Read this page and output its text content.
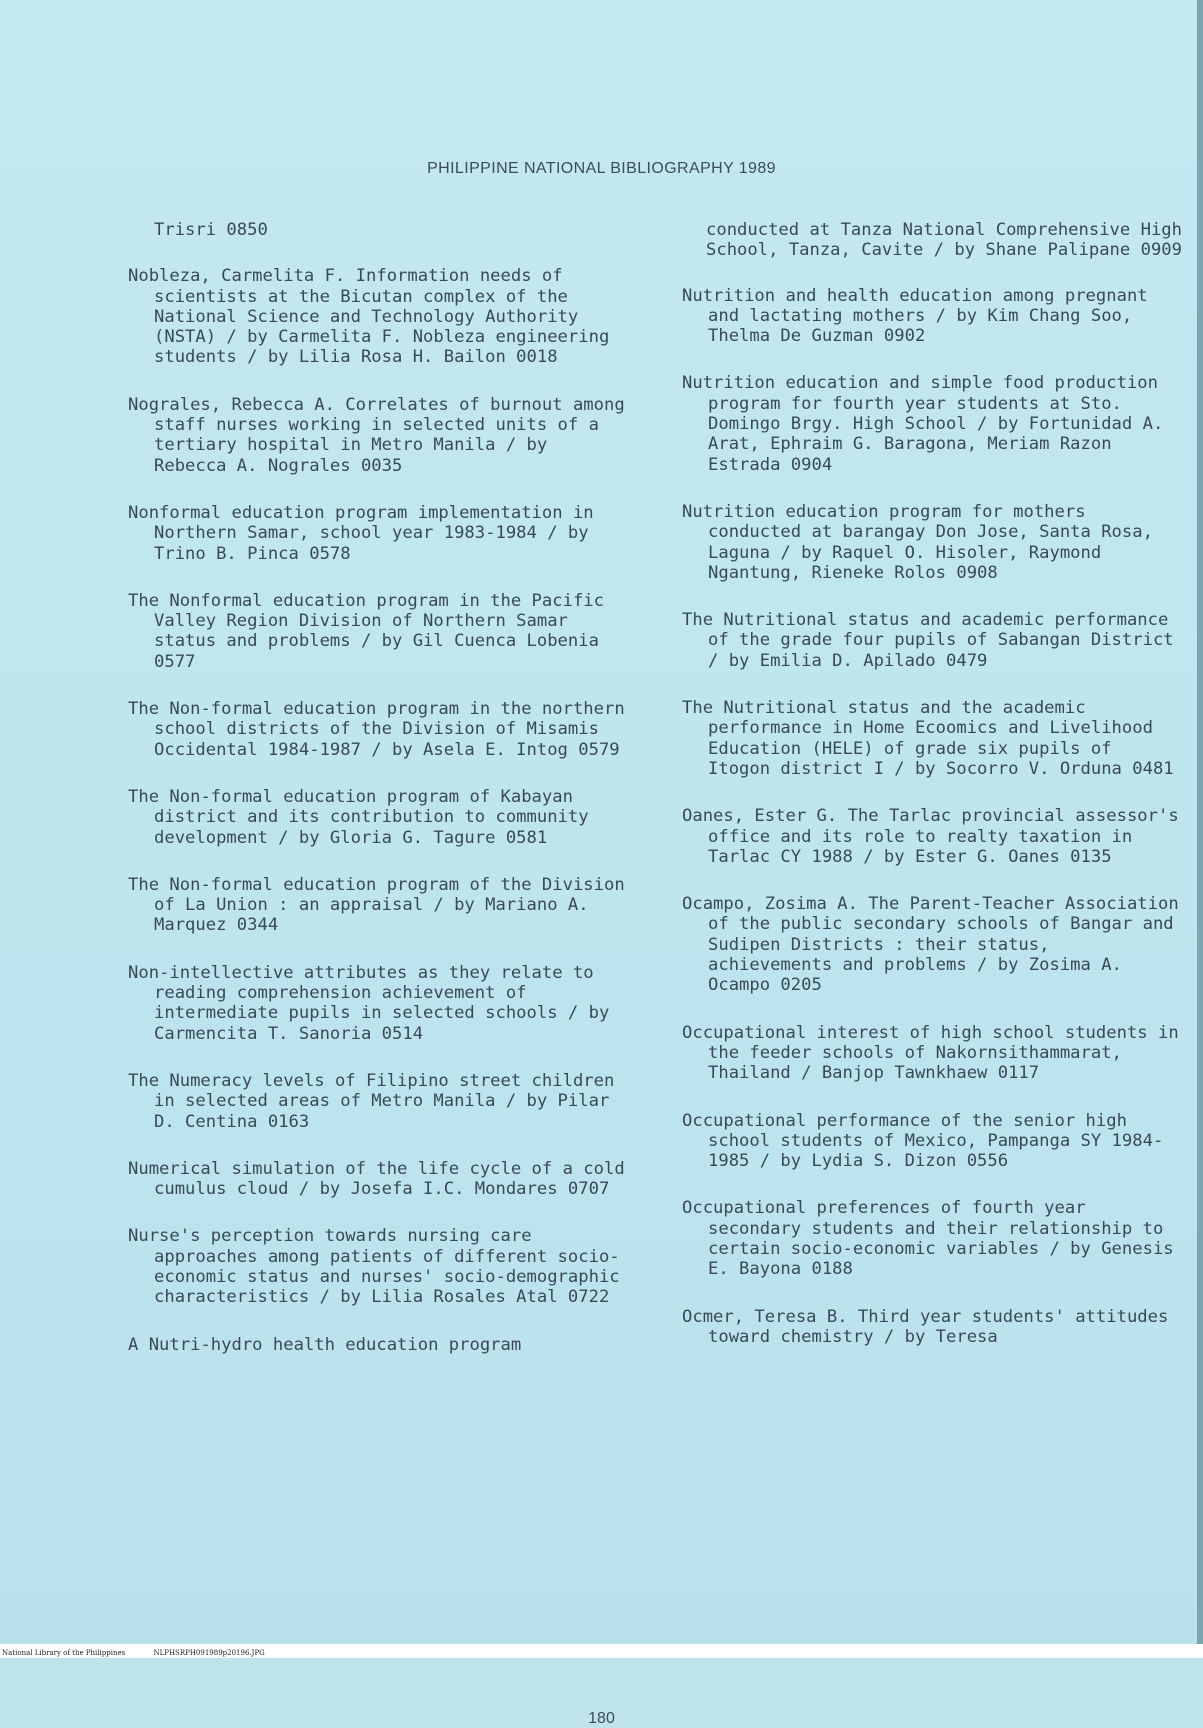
PHILIPPINE NATIONAL BIBLIOGRAPHY 1989
Trisri 0850
Nobleza, Carmelita F. Information needs of scientists at the Bicutan complex of the National Science and Technology Authority (NSTA) / by Carmelita F. Nobleza engineering students / by Lilia Rosa H. Bailon 0018
Nograles, Rebecca A. Correlates of burnout among staff nurses working in selected units of a tertiary hospital in Metro Manila / by Rebecca A. Nograles 0035
Nonformal education program implementation in Northern Samar, school year 1983-1984 / by Trino B. Pinca 0578
The Nonformal education program in the Pacific Valley Region Division of Northern Samar status and problems / by Gil Cuenca Lobenia 0577
The Non-formal education program in the northern school districts of the Division of Misamis Occidental 1984-1987 / by Asela E. Intog 0579
The Non-formal education program of Kabayan district and its contribution to community development / by Gloria G. Tagure 0581
The Non-formal education program of the Division of La Union : an appraisal / by Mariano A. Marquez 0344
Non-intellective attributes as they relate to reading comprehension achievement of intermediate pupils in selected schools / by Carmencita T. Sanoria 0514
The Numeracy levels of Filipino street children in selected areas of Metro Manila / by Pilar D. Centina 0163
Numerical simulation of the life cycle of a cold cumulus cloud / by Josefa I.C. Mondares 0707
Nurse's perception towards nursing care approaches among patients of different socio-economic status and nurses' socio-demographic characteristics / by Lilia Rosales Atal 0722
A Nutri-hydro health education program
conducted at Tanza National Comprehensive High School, Tanza, Cavite / by Shane Palipane 0909
Nutrition and health education among pregnant and lactating mothers / by Kim Chang Soo, Thelma De Guzman 0902
Nutrition education and simple food production program for fourth year students at Sto. Domingo Brgy. High School / by Fortunidad A. Arat, Ephraim G. Baragona, Meriam Razon Estrada 0904
Nutrition education program for mothers conducted at barangay Don Jose, Santa Rosa, Laguna / by Raquel O. Hisoler, Raymond Ngantung, Rieneke Rolos 0908
The Nutritional status and academic performance of the grade four pupils of Sabangan District / by Emilia D. Apilado 0479
The Nutritional status and the academic performance in Home Ecoomics and Livelihood Education (HELE) of grade six pupils of Itogon district I / by Socorro V. Orduna 0481
Oanes, Ester G. The Tarlac provincial assessor's office and its role to realty taxation in Tarlac CY 1988 / by Ester G. Oanes 0135
Ocampo, Zosima A. The Parent-Teacher Association of the public secondary schools of Bangar and Sudipen Districts : their status, achievements and problems / by Zosima A. Ocampo 0205
Occupational interest of high school students in the feeder schools of Nakornsithammarat, Thailand / Banjop Tawnkhaew 0117
Occupational performance of the senior high school students of Mexico, Pampanga SY 1984-1985 / by Lydia S. Dizon 0556
Occupational preferences of fourth year secondary students and their relationship to certain socio-economic variables / by Genesis E. Bayona 0188
Ocmer, Teresa B. Third year students' attitudes toward chemistry / by Teresa
180
National Library of the Philippines	NLPHSRPH091989p20196.JPG
